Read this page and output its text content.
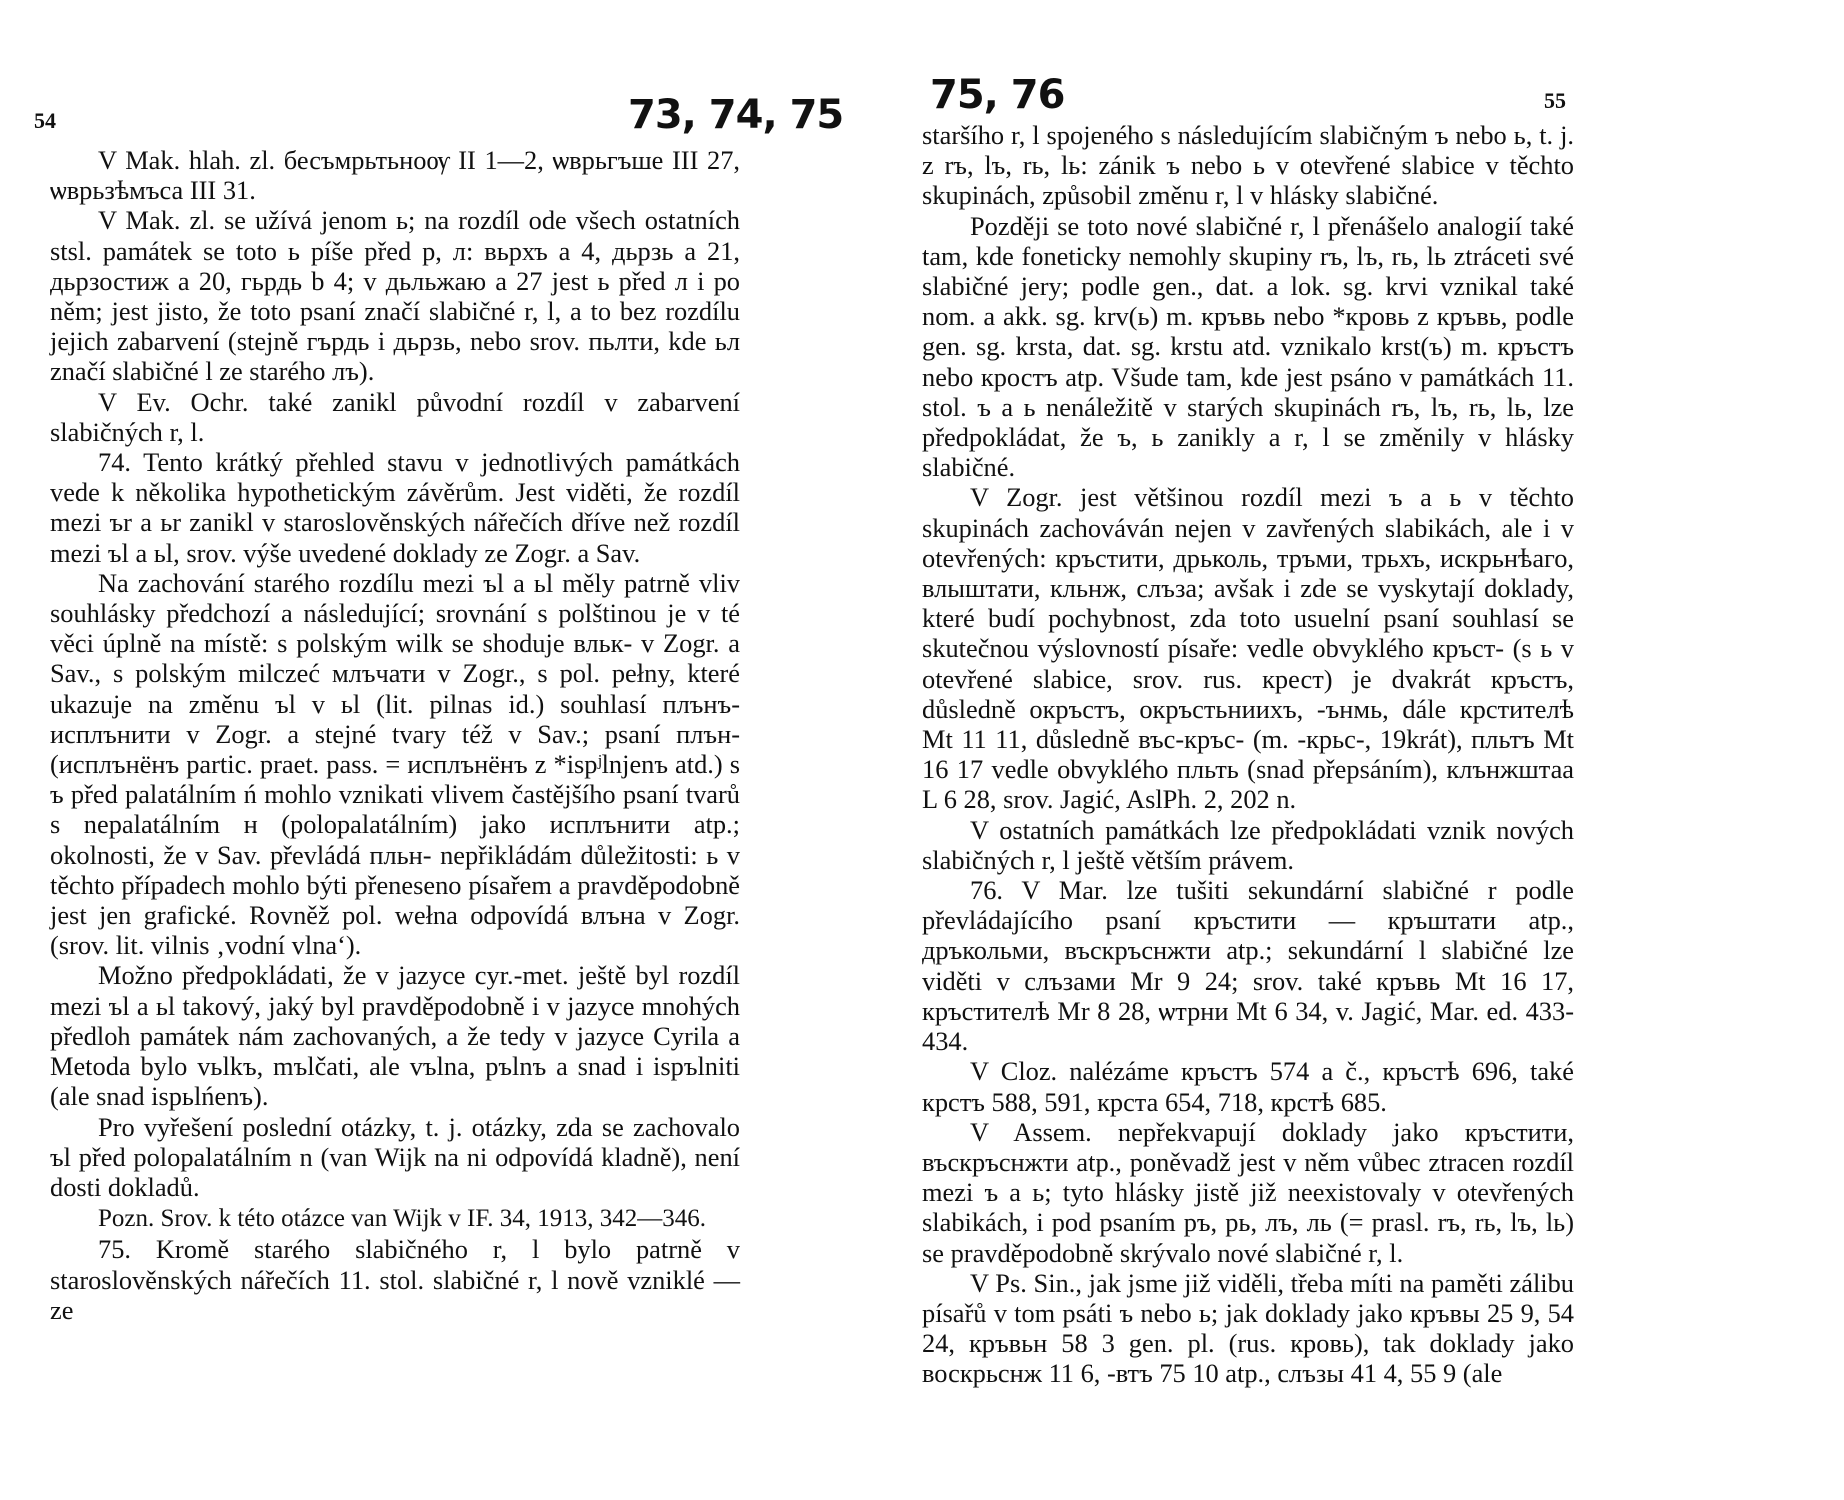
54	73, 74, 75

V Mak. hlah. zl. бесъмрьтьноѹ II 1—2, ѡврьгъше III 27, ѡврьзѣмъса III 31.

V Mak. zl. se užívá jenom ь; na rozdíl ode všech ostatních stsl. památek se toto ь píše před р, л: вьрхъ a 4, дьрзь a 21, дьрзостиж a 20, гьрдь b 4; v дьльжаю a 27 jest ь před л i po něm; jest jisto, že toto psaní značí slabičné r, l, a to bez rozdílu jejich zabarvení (stejně гърдь i дьрзь, nebo srov. пьлти, kde ьл značí slabičné l ze starého лъ).

V Ev. Ochr. také zanikl původní rozdíl v zabarvení slabičných r, l.

74. Tento krátký přehled stavu v jednotlivých památkách vede k několika hypothetickým závěrům. Jest viděti, že rozdíl mezi ъr a ьr zanikl v staroslověnských nářečích dříve než rozdíl mezi ъl a ьl, srov. výše uvedené doklady ze Zogr. a Sav.

Na zachování starého rozdílu mezi ъl a ьl měly patrně vliv souhlásky předchozí a následující; srovnání s polštinou je v té věci úplně na místě: s polským wilk se shoduje вльк- v Zogr. a Sav., s polským milczeć млъчати v Zogr., s pol. pełny, které ukazuje na změnu ъl v ьl (lit. pilnas id.) souhlasí плънъ-исплънити v Zogr. a stejné tvary též v Sav.; psaní плън- (исплънёнъ partic. praet. pass. = исплънёнъ z *ispʲlnjenъ atd.) s ъ před palatálním ń mohlo vznikati vlivem častějšího psaní tvarů s nepalatálním н (polopalatálním) jako исплънити atp.; okolnosti, že v Sav. převládá пльн- nepřikládám důležitosti: ь v těchto případech mohlo býti přeneseno písařem a pravděpodobně jest jen grafické. Rovněž pol. wełna odpovídá влъна v Zogr. (srov. lit. vilnis ‚vodní vlna‘).

Možno předpokládati, že v jazyce cyr.-met. ještě byl rozdíl mezi ъl a ьl takový, jaký byl pravděpodobně i v jazyce mnohých předloh památek nám zachovaných, a že tedy v jazyce Cyrila a Metoda bylo vьlkъ, mъlčati, ale vъlna, pъlnъ a snad i ispъlniti (ale snad ispьlńenъ).

Pro vyřešení poslední otázky, t. j. otázky, zda se zachovalo ъl před polopalatálním n (van Wijk na ni odpovídá kladně), není dosti dokladů.

Pozn. Srov. k této otázce van Wijk v IF. 34, 1913, 342—346.

75. Kromě starého slabičného r, l bylo patrně v staroslověnských nářečích 11. stol. slabičné r, l nově vzniklé — ze

75, 76	55

staršího r, l spojeného s následujícím slabičným ъ nebo ь, t. j. z rъ, lъ, rь, lь: zánik ъ nebo ь v otevřené slabice v těchto skupinách, způsobil změnu r, l v hlásky slabičné.

Později se toto nové slabičné r, l přenášelo analogií také tam, kde foneticky nemohly skupiny rъ, lъ, rь, lь ztráceti své slabičné jery; podle gen., dat. a lok. sg. krvi vznikal také nom. a akk. sg. krv(ь) m. кръвь nebo *кровь z кръвь, podle gen. sg. krsta, dat. sg. krstu atd. vznikalo krst(ъ) m. кръстъ nebo кростъ atp. Všude tam, kde jest psáno v památkách 11. stol. ъ a ь nenáležitě v starých skupinách rъ, lъ, rь, lь, lze předpokládat, že ъ, ь zanikly a r, l se změnily v hlásky slabičné.

V Zogr. jest většinou rozdíl mezi ъ a ь v těchto skupinách zachováván nejen v zavřených slabikách, ale i v otevřených: кръстити, дрьколь, тръми, трьхъ, искрьнѣаго, влыштати, кльнж, слъза; avšak i zde se vyskytají doklady, které budí pochybnost, zda toto usuelní psaní souhlasí se skutečnou výslovností písaře: vedle obvyklého кръст- (s ь v otevřené slabice, srov. rus. крест) je dvakrát кръстъ, důsledně окръстъ, окръстьнииxъ, -ънмь, dále крстителѣ Mt 11 11, důsledně въс-кръс- (m. -крьс-, 19krát), пльтъ Mt 16 17 vedle obvyklého пльть (snad přepsáním), клънжштаа L 6 28, srov. Jagić, AslPh. 2, 202 n.

V ostatních památkách lze předpokládati vznik nových slabičných r, l ještě větším právem.

76. V Mar. lze tušiti sekundární slabičné r podle převládajícího psaní кръстити — кръштати atp., дръкольми, въскръснжти atp.; sekundární l slabičné lze viděti v слъзами Mr 9 24; srov. také кръвь Mt 16 17, кръстителѣ Mr 8 28, ѡтрни Mt 6 34, v. Jagić, Mar. ed. 433-434.

V Cloz. nalézáme кръстъ 574 a č., кръстѣ 696, také крстъ 588, 591, крста 654, 718, крстѣ 685.

V Assem. nepřekvapují doklady jako кръстити, въскръснжти atp., poněvadž jest v něm vůbec ztracen rozdíl mezi ъ a ь; tyto hlásky jistě již neexistovaly v otevřených slabikách, i pod psaním ръ, рь, лъ, ль (= prasl. rъ, rь, lъ, lь) se pravděpodobně skrývalo nové slabičné r, l.

V Ps. Sin., jak jsme již viděli, třeba míti na paměti zálibu písařů v tom psáti ъ nebo ь; jak doklady jako кръвы 25 9, 54 24, кръвьн 58 3 gen. pl. (rus. кровь), tak doklady jako воскрьснж 11 6, -втъ 75 10 atp., слъзы 41 4, 55 9 (ale
